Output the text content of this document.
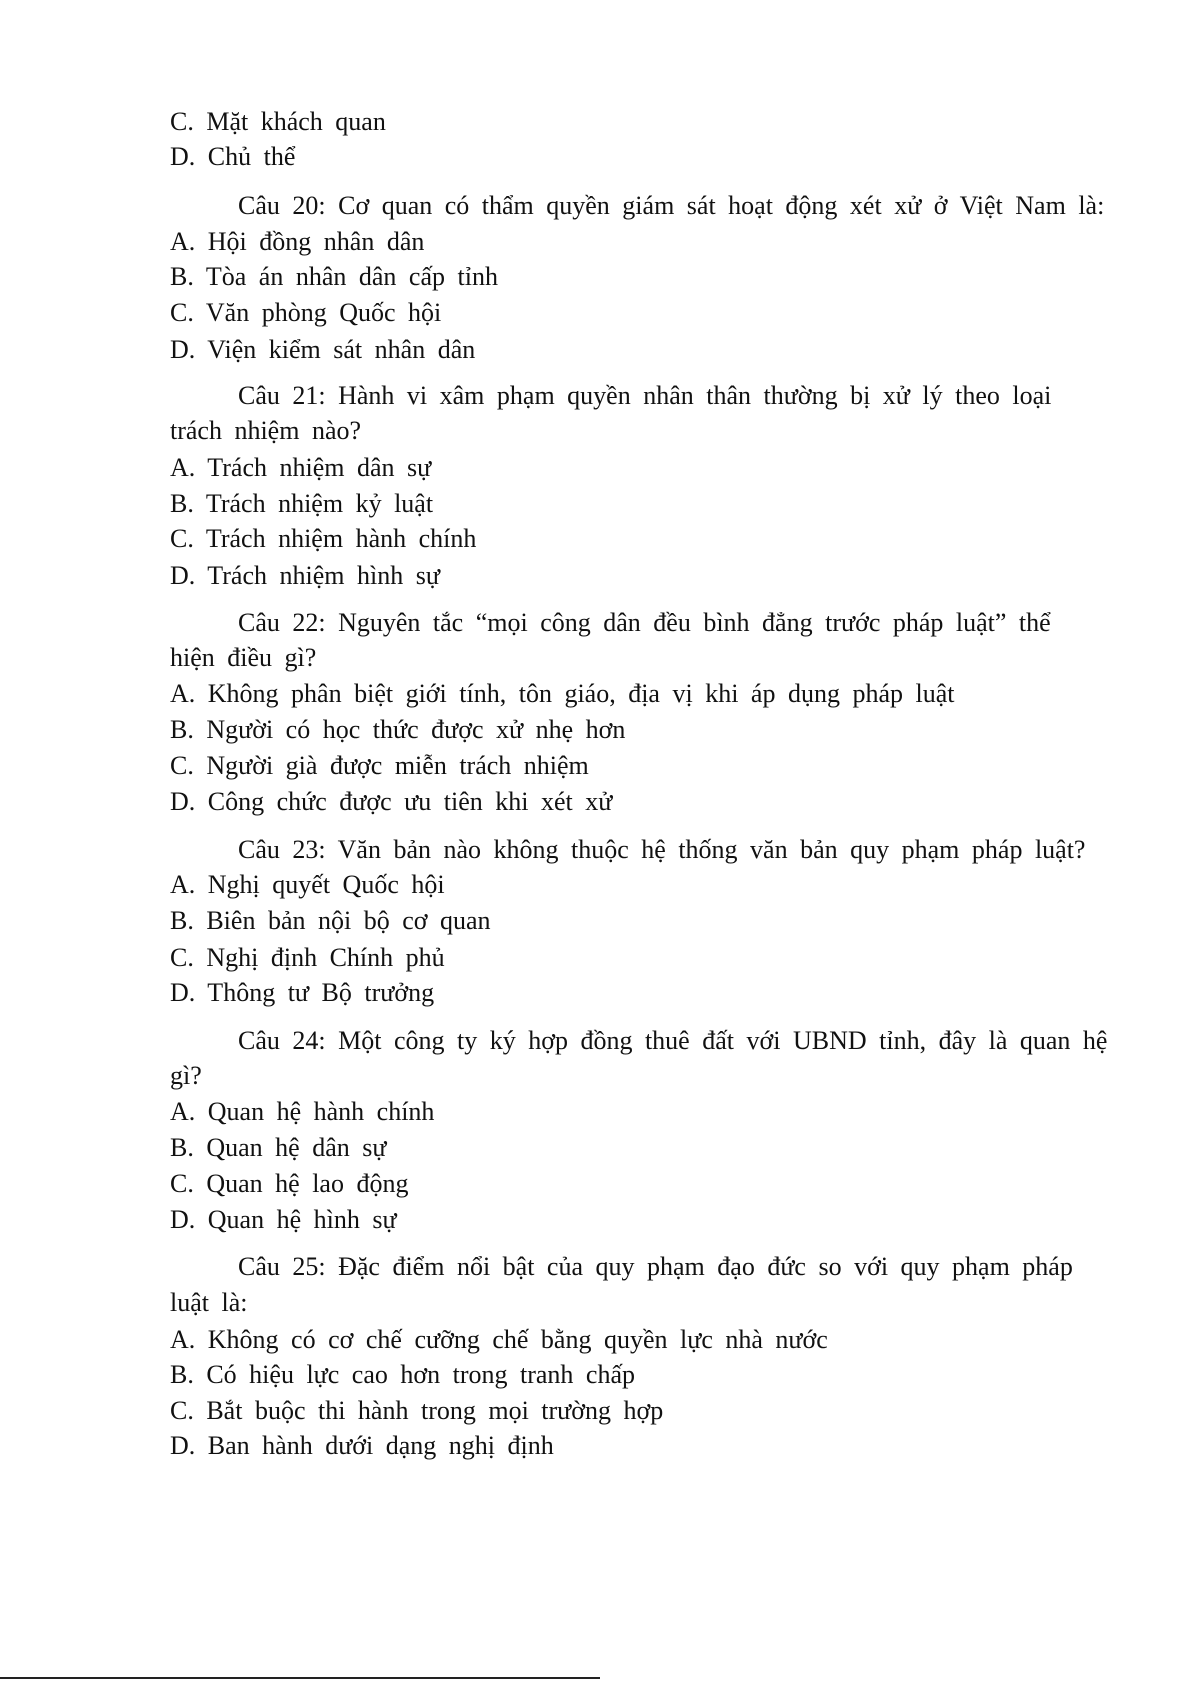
C. Mặt khách quan
D. Chủ thể
Câu 20: Cơ quan có thẩm quyền giám sát hoạt động xét xử ở Việt Nam là:
A. Hội đồng nhân dân
B. Tòa án nhân dân cấp tỉnh
C. Văn phòng Quốc hội
D. Viện kiểm sát nhân dân
Câu 21: Hành vi xâm phạm quyền nhân thân thường bị xử lý theo loại
trách nhiệm nào?
A. Trách nhiệm dân sự
B. Trách nhiệm kỷ luật
C. Trách nhiệm hành chính
D. Trách nhiệm hình sự
Câu 22: Nguyên tắc “mọi công dân đều bình đẳng trước pháp luật” thể
hiện điều gì?
A. Không phân biệt giới tính, tôn giáo, địa vị khi áp dụng pháp luật
B. Người có học thức được xử nhẹ hơn
C. Người già được miễn trách nhiệm
D. Công chức được ưu tiên khi xét xử
Câu 23: Văn bản nào không thuộc hệ thống văn bản quy phạm pháp luật?
A. Nghị quyết Quốc hội
B. Biên bản nội bộ cơ quan
C. Nghị định Chính phủ
D. Thông tư Bộ trưởng
Câu 24: Một công ty ký hợp đồng thuê đất với UBND tỉnh, đây là quan hệ
gì?
A. Quan hệ hành chính
B. Quan hệ dân sự
C. Quan hệ lao động
D. Quan hệ hình sự
Câu 25: Đặc điểm nổi bật của quy phạm đạo đức so với quy phạm pháp
luật là:
A. Không có cơ chế cưỡng chế bằng quyền lực nhà nước
B. Có hiệu lực cao hơn trong tranh chấp
C. Bắt buộc thi hành trong mọi trường hợp
D. Ban hành dưới dạng nghị định
